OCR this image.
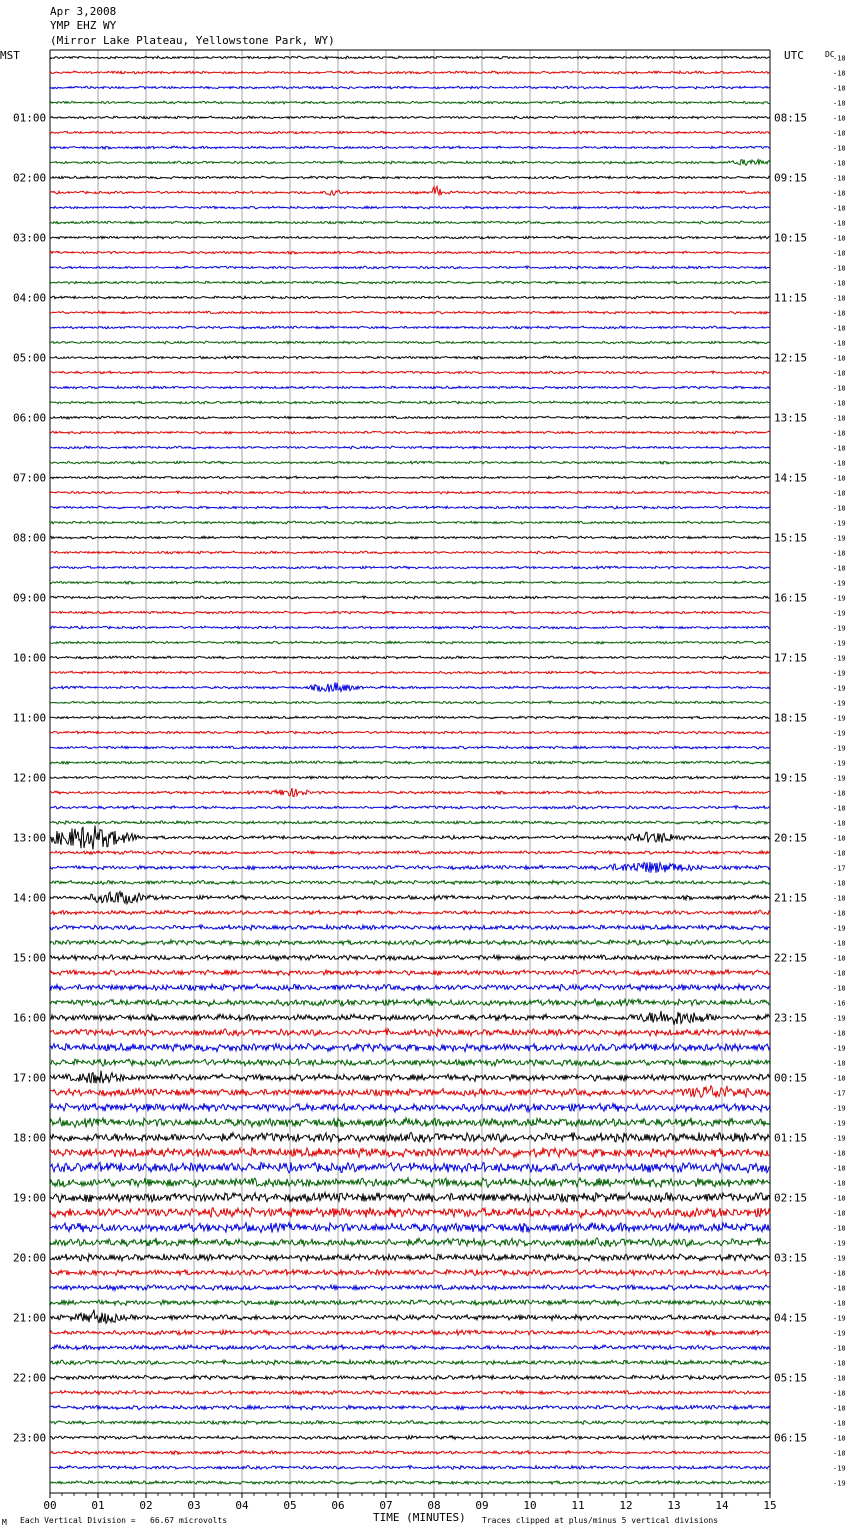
Apr 3,2008
YMP EHZ WY
(Mirror Lake Plateau, Yellowstone Park, WY)
MST	UTC	DC
-18
-18
-18
-18
-18
-18
-18
-18
-18
-18
-18
-18
-18
-18
-18
-18
-18
-18
-18
-18
-18
-18
-18
-18
-18
-18
-18
-18
-18
-18
-18
-19
-19
-18
-18
-19
-19
-19
-19
-19
-19
-19
-19
-19
-19
-19
-19
-19
-19
-18
-18
-18
-18
-18
-17
-18
-18
-18
-19
-18
-18
-18
-18
-16
-19
-18
-19
-18
-18
-17
-19
-19
-19
-18
-18
-18
-18
-18
-18
-19
-19
-18
-18
-18
-19
-19
-18
-18
-18
-18
-18
-18
-18
-18
-19
-19
01:00	08:15
02:00	09:15
03:00	10:15
04:00	11:15
05:00	12:15
06:00	13:15
07:00	14:15
08:00	15:15
09:00	16:15
10:00	17:15
11:00	18:15
12:00	19:15
13:00	20:15
14:00	21:15
15:00	22:15
16:00	23:15
17:00	00:15
18:00	01:15
19:00	02:15
20:00	03:15
21:00	04:15
22:00	05:15
23:00	06:15
00	01	02	03	04	05	06	07	08	09	10	11	12	13	14	15
TIME (MINUTES)
M Each Vertical Division =   66.67 microvolts	Traces clipped at plus/minus 5 vertical divisions
